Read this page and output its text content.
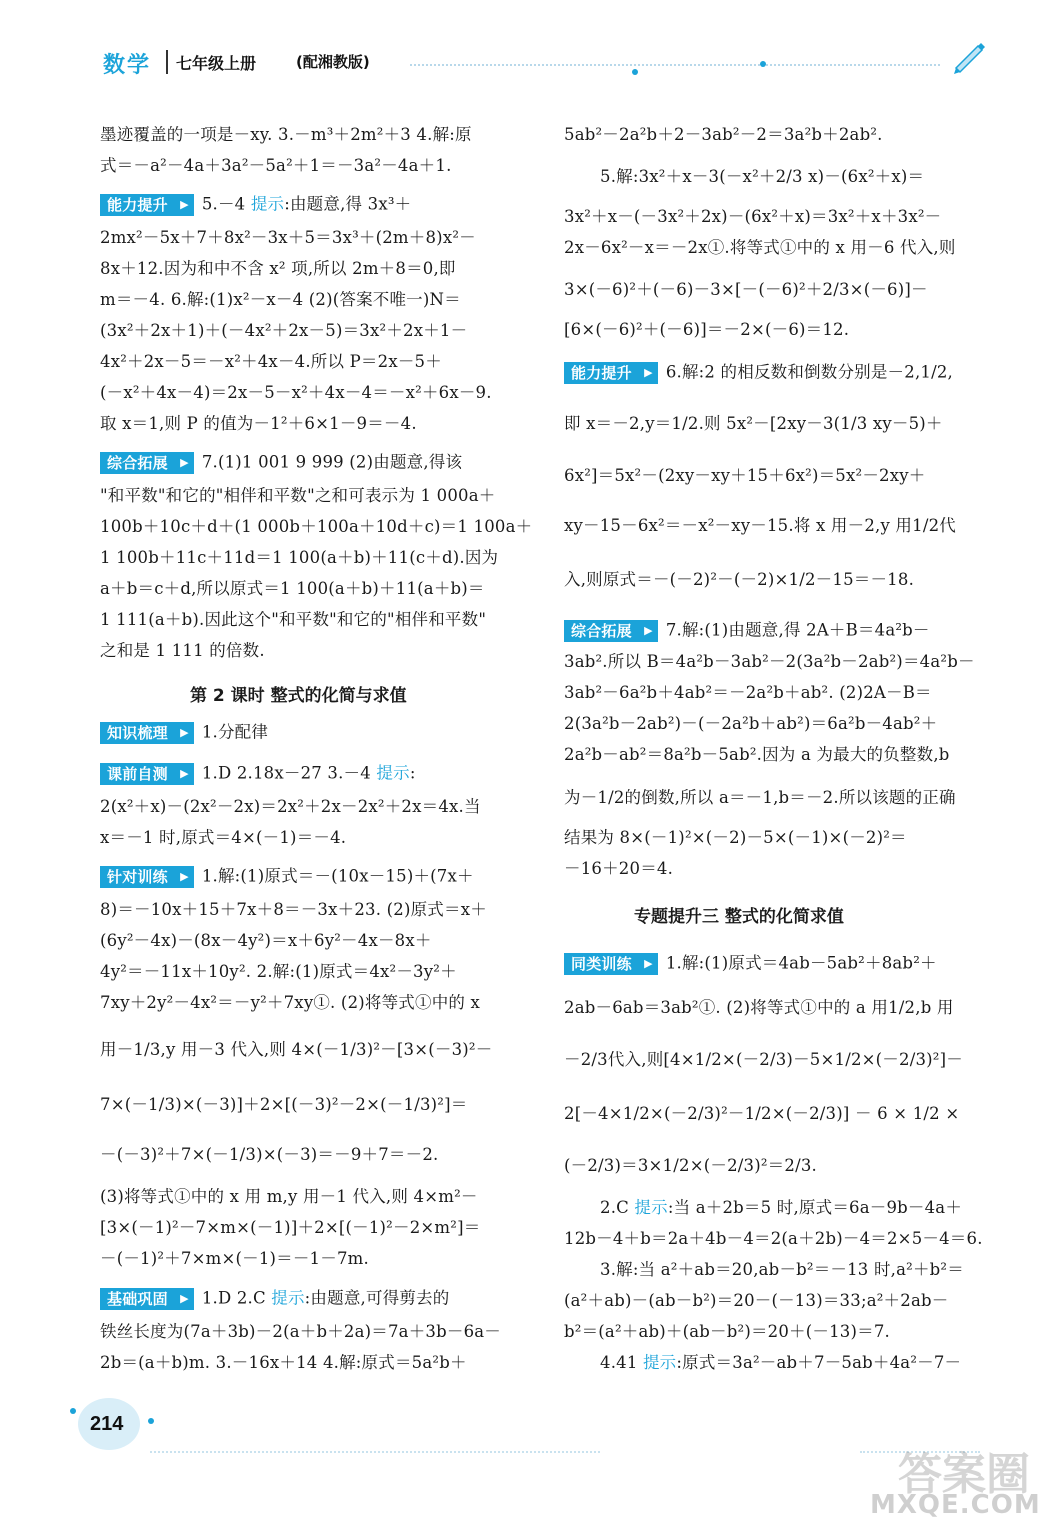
数学 七年级上册	(配湘教版)
墨迹覆盖的一项是－xy. 3.－m³＋2m²＋3 4.解:原
式＝－a²－4a＋3a²－5a²＋1＝－3a²－4a＋1.
能力提升 ▶ 5.－4 提示:由题意,得 3x³＋
2mx²－5x＋7＋8x²－3x＋5＝3x³＋(2m＋8)x²－
8x＋12.因为和中不含 x² 项,所以 2m＋8＝0,即
m＝－4. 6.解:(1)x²－x－4 (2)(答案不唯一)N＝
(3x²＋2x＋1)＋(－4x²＋2x－5)＝3x²＋2x＋1－
4x²＋2x－5＝－x²＋4x－4.所以 P＝2x－5＋
(－x²＋4x－4)＝2x－5－x²＋4x－4＝－x²＋6x－9.
取 x＝1,则 P 的值为－1²＋6×1－9＝－4.
综合拓展 ▶ 7.(1)1 001 9 999 (2)由题意,得该
"和平数"和它的"相伴和平数"之和可表示为 1 000a＋
100b＋10c＋d＋(1 000b＋100a＋10d＋c)＝1 100a＋
1 100b＋11c＋11d＝1 100(a＋b)＋11(c＋d).因为
a＋b＝c＋d,所以原式＝1 100(a＋b)＋11(a＋b)＝
1 111(a＋b).因此这个"和平数"和它的"相伴和平数"
之和是 1 111 的倍数.
第 2 课时 整式的化简与求值
知识梳理 ▶ 1.分配律
课前自测 ▶ 1.D 2.18x－27 3.－4 提示:
2(x²＋x)－(2x²－2x)＝2x²＋2x－2x²＋2x＝4x.当
x＝－1 时,原式＝4×(－1)＝－4.
针对训练 ▶ 1.解:(1)原式＝－(10x－15)＋(7x＋
8)＝－10x＋15＋7x＋8＝－3x＋23. (2)原式＝x＋
(6y²－4x)－(8x－4y²)＝x＋6y²－4x－8x＋
4y²＝－11x＋10y². 2.解:(1)原式＝4x²－3y²＋
7xy＋2y²－4x²＝－y²＋7xy①. (2)将等式①中的 x
用－1/3,y 用－3 代入,则 4×(－1/3)²－[3×(－3)²－
7×(－1/3)×(－3)]＋2×[(－3)²－2×(－1/3)²]＝
－(－3)²＋7×(－1/3)×(－3)＝－9＋7＝－2.
(3)将等式①中的 x 用 m,y 用－1 代入,则 4×m²－
[3×(－1)²－7×m×(－1)]＋2×[(－1)²－2×m²]＝
－(－1)²＋7×m×(－1)＝－1－7m.
基础巩固 ▶ 1.D 2.C 提示:由题意,可得剪去的
铁丝长度为(7a＋3b)－2(a＋b＋2a)＝7a＋3b－6a－
2b＝(a＋b)m. 3.－16x＋14 4.解:原式＝5a²b＋
5ab²－2a²b＋2－3ab²－2＝3a²b＋2ab².
5.解:3x²＋x－3(－x²＋2/3 x)－(6x²＋x)＝
3x²＋x－(－3x²＋2x)－(6x²＋x)＝3x²＋x＋3x²－
2x－6x²－x＝－2x①.将等式①中的 x 用－6 代入,则
3×(－6)²＋(－6)－3×[－(－6)²＋2/3×(－6)]－
[6×(－6)²＋(－6)]＝－2×(－6)＝12.
能力提升 ▶ 6.解:2 的相反数和倒数分别是－2,1/2,
即 x＝－2,y＝1/2.则 5x²－[2xy－3(1/3 xy－5)＋
6x²]＝5x²－(2xy－xy＋15＋6x²)＝5x²－2xy＋
xy－15－6x²＝－x²－xy－15.将 x 用－2,y 用1/2代
入,则原式＝－(－2)²－(－2)×1/2－15＝－18.
综合拓展 ▶ 7.解:(1)由题意,得 2A＋B＝4a²b－
3ab².所以 B＝4a²b－3ab²－2(3a²b－2ab²)＝4a²b－
3ab²－6a²b＋4ab²＝－2a²b＋ab². (2)2A－B＝
2(3a²b－2ab²)－(－2a²b＋ab²)＝6a²b－4ab²＋
2a²b－ab²＝8a²b－5ab².因为 a 为最大的负整数,b
为－1/2的倒数,所以 a＝－1,b＝－2.所以该题的正确
结果为 8×(－1)²×(－2)－5×(－1)×(－2)²＝
－16＋20＝4.
专题提升三 整式的化简求值
同类训练 ▶ 1.解:(1)原式＝4ab－5ab²＋8ab²＋
2ab－6ab＝3ab²①. (2)将等式①中的 a 用1/2,b 用
－2/3代入,则[4×1/2×(－2/3)－5×1/2×(－2/3)²]－
2[－4×1/2×(－2/3)²－1/2×(－2/3)] － 6 × 1/2 ×
(－2/3)＝3×1/2×(－2/3)²＝2/3.
2.C 提示:当 a＋2b＝5 时,原式＝6a－9b－4a＋
12b－4＋b＝2a＋4b－4＝2(a＋2b)－4＝2×5－4＝6.
3.解:当 a²＋ab＝20,ab－b²＝－13 时,a²＋b²＝
(a²＋ab)－(ab－b²)＝20－(－13)＝33;a²＋2ab－
b²＝(a²＋ab)＋(ab－b²)＝20＋(－13)＝7.
4.41 提示:原式＝3a²－ab＋7－5ab＋4a²－7－
214
答案圈
MXQE.COM
